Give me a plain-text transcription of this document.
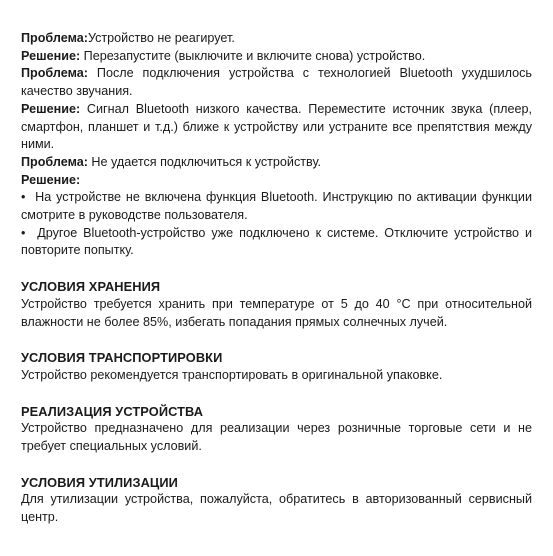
Проблема:Устройство не реагирует.

Решение: Перезапустите (выключите и включите снова) устройство.

Проблема: После подключения устройства с технологией Bluetooth ухудшилось качество звучания.

Решение: Сигнал Bluetooth низкого качества. Переместите источник звука (плеер, смартфон, планшет и т.д.) ближе к устройству или устраните все препятствия между ними.

Проблема: Не удается подключиться к устройству.

Решение:

•  На устройстве не включена функция Bluetooth. Инструкцию по активации функции смотрите в руководстве пользователя.

•  Другое Bluetooth-устройство уже подключено к системе. Отключите устройство и повторите попытку.

УСЛОВИЯ ХРАНЕНИЯ

Устройство требуется хранить при температуре от 5 до 40 °С при относительной влажности не более 85%, избегать попадания прямых солнечных лучей.

УСЛОВИЯ ТРАНСПОРТИРОВКИ

Устройство рекомендуется транспортировать в оригинальной упаковке.

РЕАЛИЗАЦИЯ УСТРОЙСТВА

Устройство предназначено для реализации через розничные торговые сети и не требует специальных условий.

УСЛОВИЯ УТИЛИЗАЦИИ

Для утилизации устройства, пожалуйста, обратитесь в авторизованный сервисный центр.
